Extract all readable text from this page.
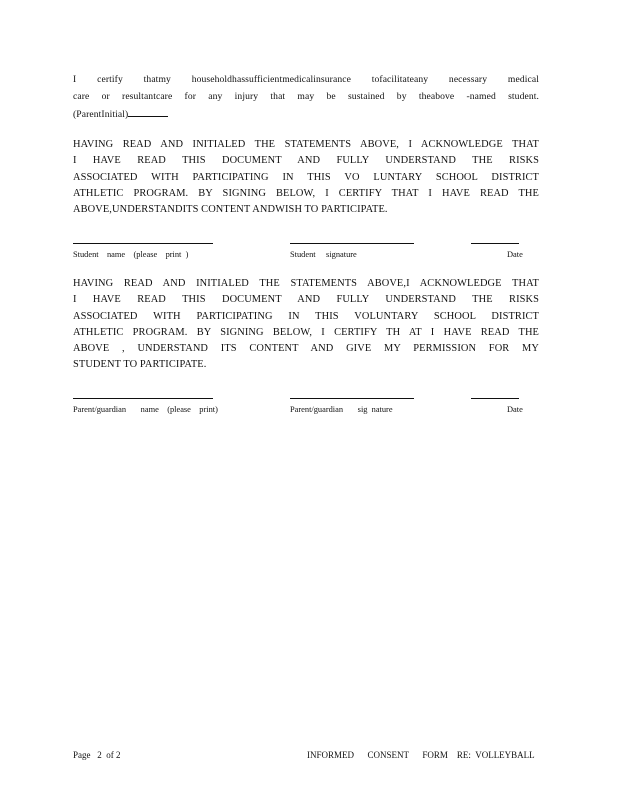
I certify thatmy householdhassufficientmedicalinsurance tofacilitateany necessary medical
care or resultantcare for any injury that may be sustained by theabove -named student.
(ParentInitial)
HAVING READ AND INITIALED THE STATEMENTS ABOVE, I ACKNOWLEDGE THAT
I HAVE READ THIS DOCUMENT AND FULLY UNDERSTAND THE RISKS
ASSOCIATED WITH PARTICIPATING IN THIS VO LUNTARY SCHOOL DISTRICT
ATHLETIC PROGRAM. BY SIGNING BELOW, I CERTIFY THAT I HAVE READ THE
ABOVE,UNDERSTANDITS CONTENT ANDWISH TO PARTICIPATE.
Student    name    (please    print  )	Student     signature	Date
HAVING READ AND INITIALED THE STATEMENTS ABOVE,I ACKNOWLEDGE THAT
I HAVE READ THIS DOCUMENT AND FULLY UNDERSTAND THE RISKS
ASSOCIATED WITH PARTICIPATING IN THIS VOLUNTARY SCHOOL DISTRICT
ATHLETIC PROGRAM. BY SIGNING BELOW, I CERTIFY TH AT I HAVE READ THE
ABOVE , UNDERSTAND ITS CONTENT AND GIVE MY PERMISSION FOR MY
STUDENT TO PARTICIPATE.
Parent/guardian       name    (please    print)	Parent/guardian       sig  nature	Date
Page   2  of 2	INFORMED      CONSENT      FORM    RE:  VOLLEYBALL
